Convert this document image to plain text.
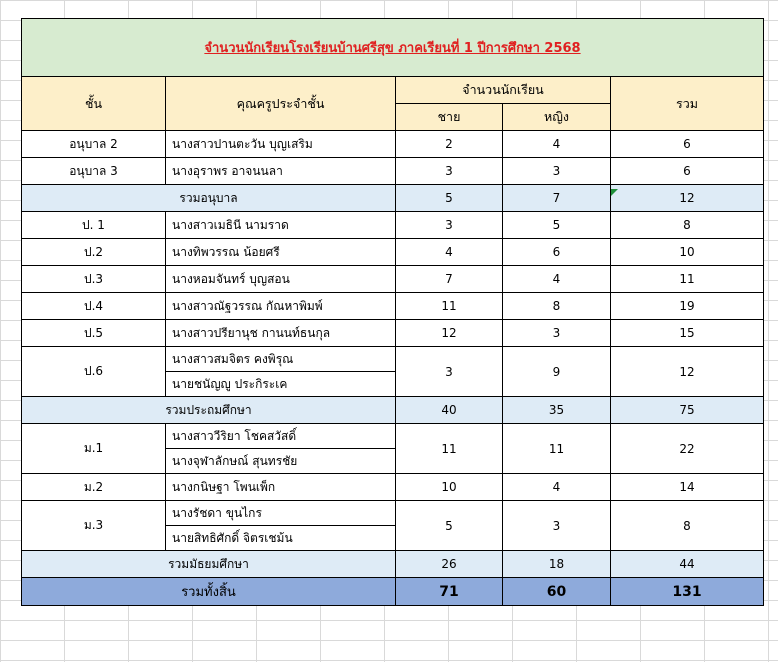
จำนวนนักเรียนโรงเรียนบ้านศรีสุข ภาคเรียนที่ 1 ปีการศึกษา 2568				
ชั้น	คุณครูประจำชั้น	จำนวนนักเรียน		รวม
		ชาย	หญิง	
อนุบาล 2	นางสาวปานตะวัน บุญเสริม	2	4	6
อนุบาล 3	นางอุราพร อาจนนลา	3	3	6
รวมอนุบาล		5	7	12
ป. 1	นางสาวเมธินี นามราด	3	5	8
ป.2	นางทิพวรรณ น้อยศรี	4	6	10
ป.3	นางหอมจันทร์ บุญสอน	7	4	11
ป.4	นางสาวณัฐวรรณ กัณหาพิมพ์	11	8	19
ป.5	นางสาวปรียานุช กานนท์ธนกุล	12	3	15
ป.6	นางสาวสมจิตร คงพิรุณ	3	9	12
	นายชนัญญู ประกิระเค			
รวมประถมศึกษา		40	35	75
ม.1	นางสาววีริยา โชคสวัสดิ์	11	11	22
	นางจุฬาลักษณ์ สุนทรชัย			
ม.2	นางกนิษฐา โพนเพ็ก	10	4	14
ม.3	นางรัชดา ขุนไกร	5	3	8
	นายสิทธิศักดิ์ จิตรเชม้น			
รวมมัธยมศึกษา		26	18	44
รวมทั้งสิ้น		71	60	131
